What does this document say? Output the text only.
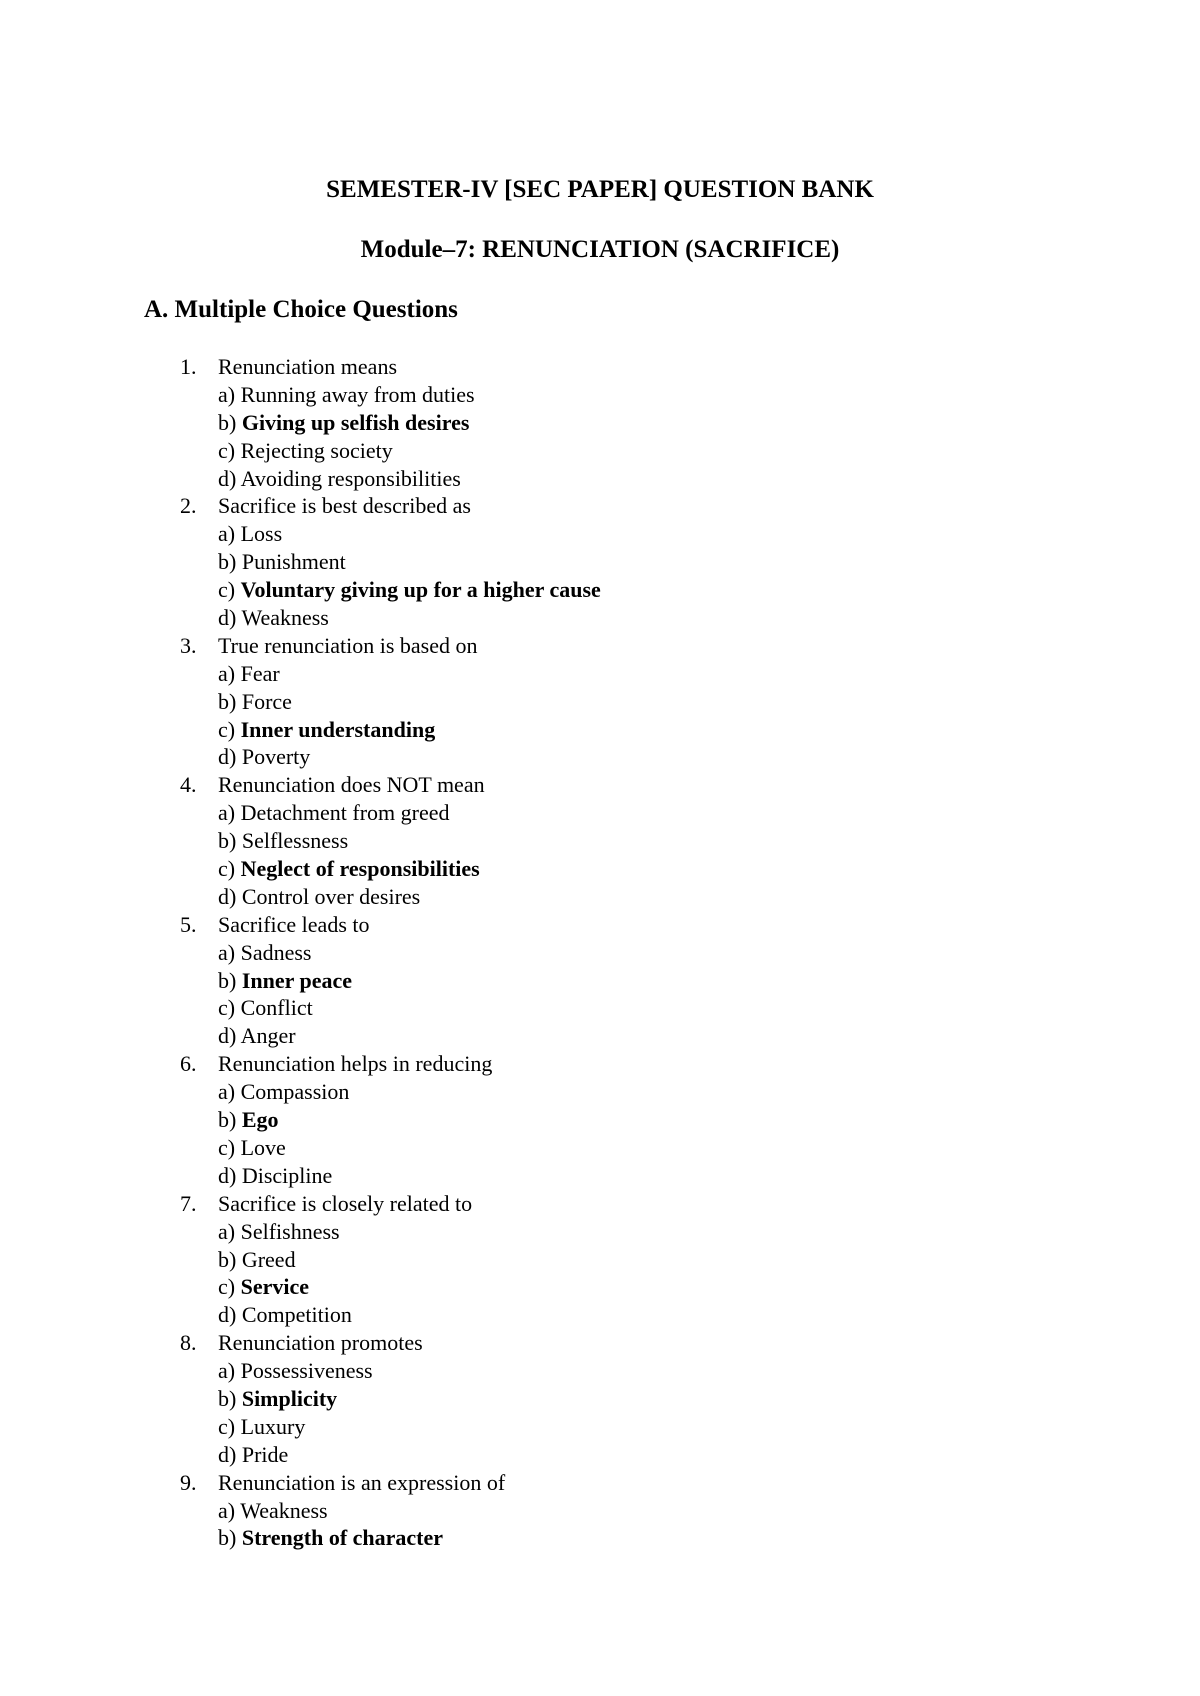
SEMESTER-IV [SEC PAPER] QUESTION BANK
Module–7: RENUNCIATION (SACRIFICE)
A. Multiple Choice Questions
1. Renunciation means
a) Running away from duties
b) Giving up selfish desires
c) Rejecting society
d) Avoiding responsibilities
2. Sacrifice is best described as
a) Loss
b) Punishment
c) Voluntary giving up for a higher cause
d) Weakness
3. True renunciation is based on
a) Fear
b) Force
c) Inner understanding
d) Poverty
4. Renunciation does NOT mean
a) Detachment from greed
b) Selflessness
c) Neglect of responsibilities
d) Control over desires
5. Sacrifice leads to
a) Sadness
b) Inner peace
c) Conflict
d) Anger
6. Renunciation helps in reducing
a) Compassion
b) Ego
c) Love
d) Discipline
7. Sacrifice is closely related to
a) Selfishness
b) Greed
c) Service
d) Competition
8. Renunciation promotes
a) Possessiveness
b) Simplicity
c) Luxury
d) Pride
9. Renunciation is an expression of
a) Weakness
b) Strength of character
